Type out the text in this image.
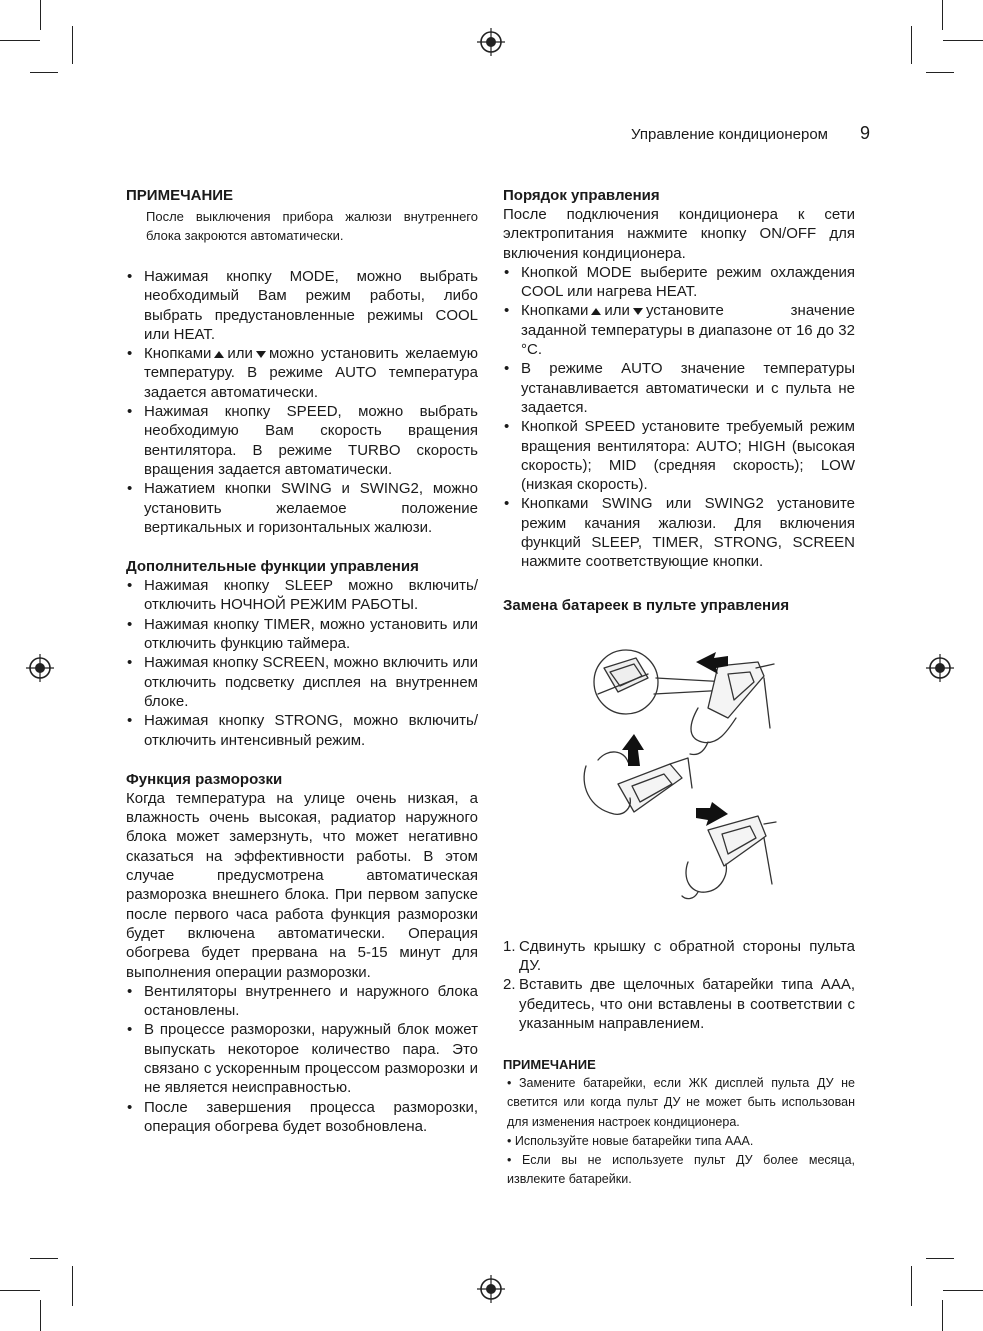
Управление кондиционером 9
ПРИМЕЧАНИЕ

После выключения прибора жалюзи внутреннего блока закроются автоматически.

• Нажимая кнопку MODE, можно выбрать необходимый Вам режим работы, либо выбрать предустановленные режимы COOL или HEAT.
• Кнопками или можно установить желаемую температуру. В режиме AUTO температура задается автоматически.
• Нажимая кнопку SPEED, можно выбрать необходимую Вам скорость вращения вентилятора. В режиме TURBO скорость вращения задается автоматически.
• Нажатием кнопки SWING и SWING2, можно установить желаемое положение вертикальных и горизонтальных жалюзи.
Дополнительные функции управления
• Нажимая кнопку SLEEP можно включить/отключить НОЧНОЙ РЕЖИМ РАБОТЫ.
• Нажимая кнопку TIMER, можно установить или отключить функцию таймера.
• Нажимая кнопку SCREEN, можно включить или отключить подсветку дисплея на внутреннем блоке.
• Нажимая кнопку STRONG, можно включить/отключить интенсивный режим.
Функция разморозки

Когда температура на улице очень низкая, а влажность очень высокая, радиатор наружного блока может замерзнуть, что может негативно сказаться на эффективности работы. В этом случае предусмотрена автоматическая разморозка внешнего блока. При первом запуске после первого часа работа функция разморозки будет включена автоматически. Операция обогрева будет прервана на 5-15 минут для выполнения операции разморозки.

• Вентиляторы внутреннего и наружного блока остановлены.
• В процессе разморозки, наружный блок может выпускать некоторое количество пара. Это связано с ускоренным процессом разморозки и не является неисправностью.
• После завершения процесса разморозки, операция обогрева будет возобновлена.
Порядок управления

После подключения кондиционера к сети электропитания нажмите кнопку ON/OFF для включения кондиционера.

• Кнопкой MODE выберите режим охлаждения COOL или нагрева HEAT.
• Кнопками или установите значение заданной температуры в диапазоне от 16 до 32 °C.
• В режиме AUTO значение температуры устанавливается автоматически и с пульта не задается.
• Кнопкой SPEED установите требуемый режим вращения вентилятора: AUTO; HIGH (высокая скорость); MID (средняя скорость); LOW (низкая скорость).
• Кнопками SWING или SWING2 установите режим качания жалюзи. Для включения функций SLEEP, TIMER, STRONG, SCREEN нажмите соответствующие кнопки.
Замена батареек в пульте управления
1. Сдвинуть крышку с обратной стороны пульта ДУ.
2. Вставить две щелочных батарейки типа AAA, убедитесь, что они вставлены в соответствии с указанным направлением.
ПРИМЕЧАНИЕ

• Замените батарейки, если ЖК дисплей пульта ДУ не светится или когда пульт ДУ не может быть использован для изменения настроек кондиционера.

• Используйте новые батарейки типа AAA.

• Если вы не используете пульт ДУ более месяца, извлеките батарейки.
